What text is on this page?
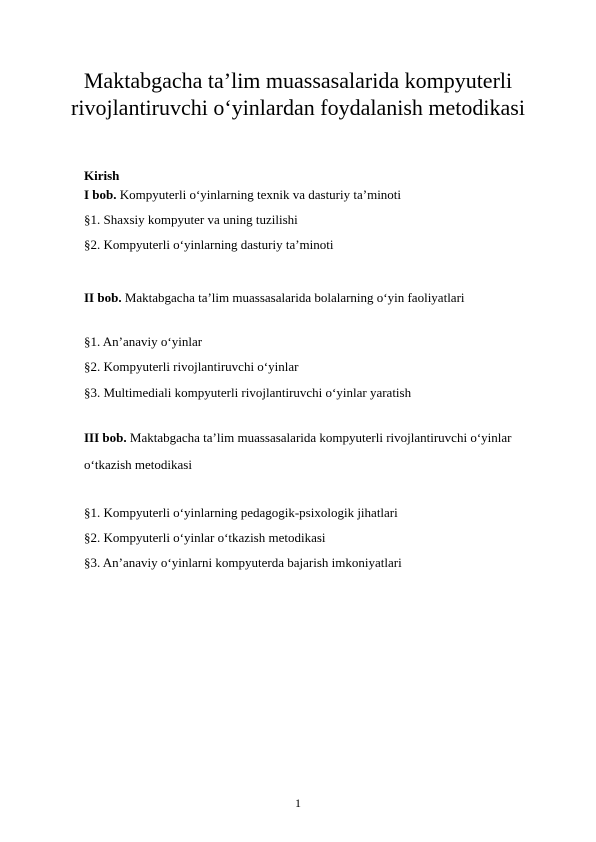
Maktabgacha ta’lim muassasalarida kompyuterli
rivojlantiruvchi o‘yinlardan foydalanish metodikasi
Kirish
I bob. Kompyuterli o‘yinlarning texnik va dasturiy ta’minoti
§1. Shaxsiy kompyuter va uning tuzilishi
§2. Kompyuterli o‘yinlarning dasturiy ta’minoti
II bob. Maktabgacha ta’lim muassasalarida bolalarning o‘yin faoliyatlari
§1. An’anaviy o‘yinlar
§2. Kompyuterli rivojlantiruvchi o‘yinlar
§3. Multimediali kompyuterli rivojlantiruvchi o‘yinlar yaratish
III bob. Maktabgacha ta’lim muassasalarida kompyuterli rivojlantiruvchi o‘yinlar
o‘tkazish metodikasi
§1. Kompyuterli o‘yinlarning pedagogik-psixologik jihatlari
§2. Kompyuterli o‘yinlar o‘tkazish metodikasi
§3. An’anaviy o‘yinlarni kompyuterda bajarish imkoniyatlari
1
